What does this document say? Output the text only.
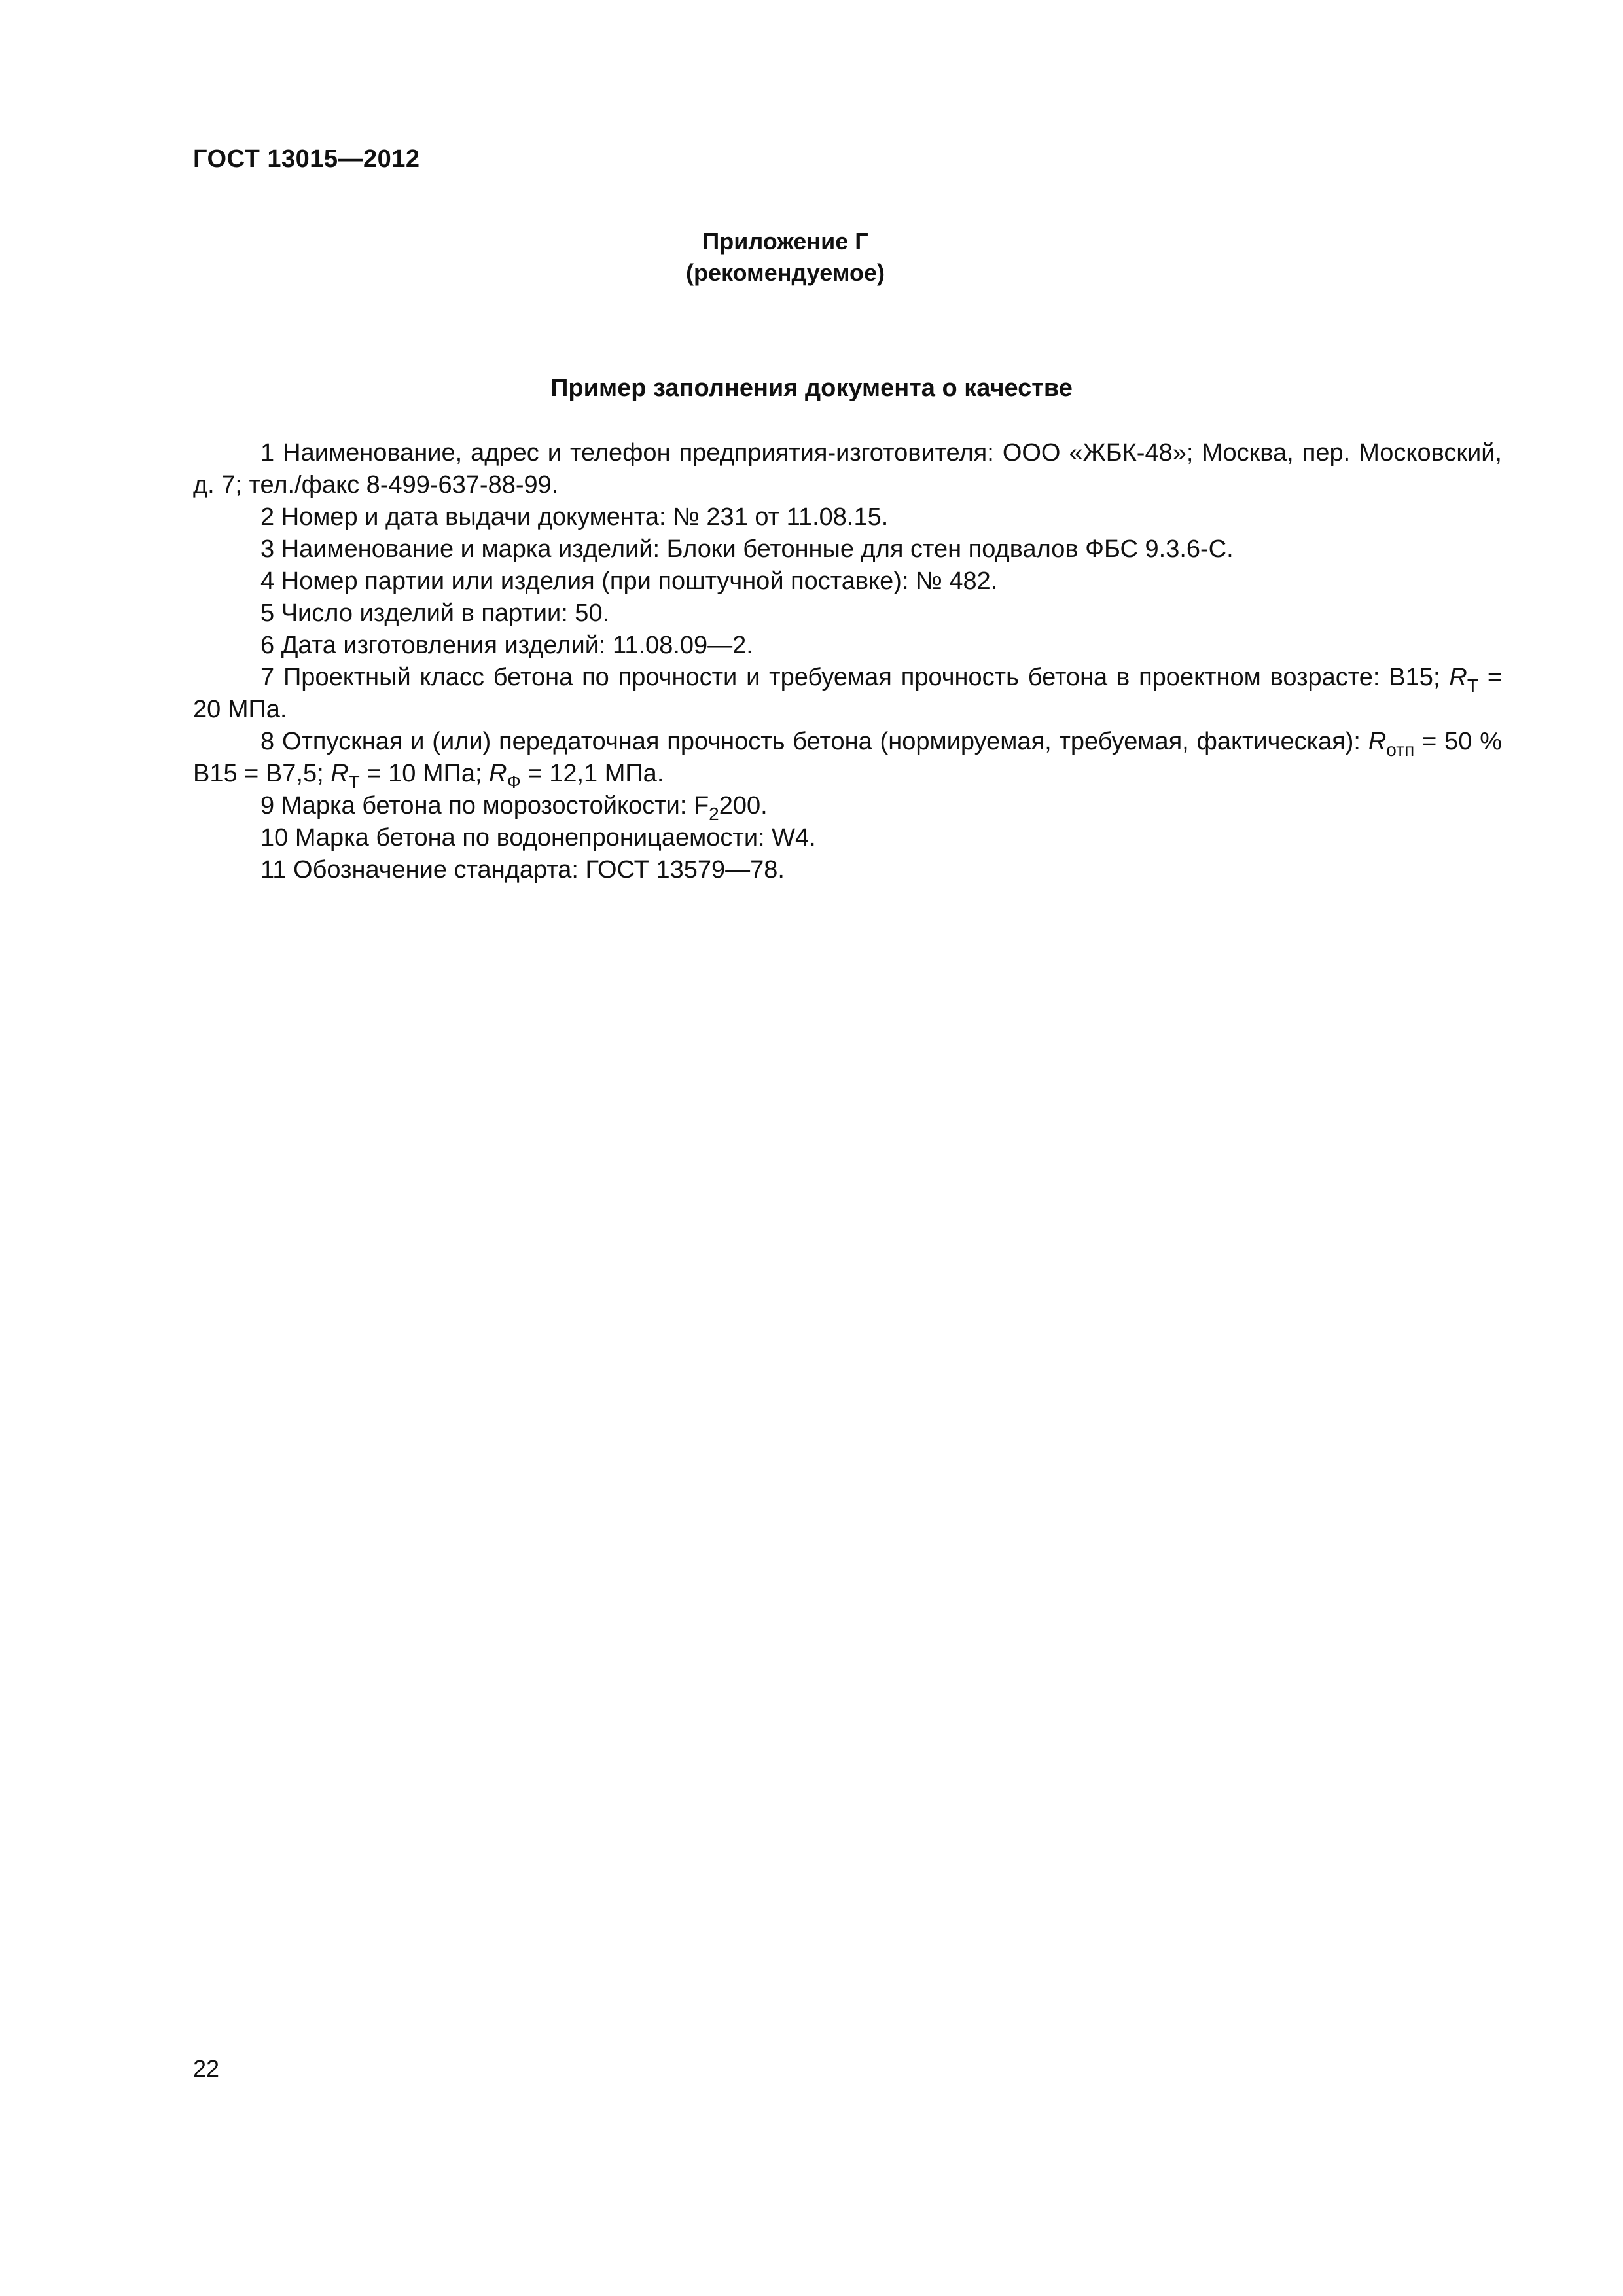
ГОСТ 13015—2012
Приложение Г
(рекомендуемое)
Пример заполнения документа о качестве

1 Наименование, адрес и телефон предприятия-изготовителя: ООО «ЖБК-48»; Москва, пер. Московский, д. 7; тел./факс 8-499-637-88-99.

2 Номер и дата выдачи документа: № 231 от 11.08.15.

3 Наименование и марка изделий: Блоки бетонные для стен подвалов ФБС 9.3.6-С.

4 Номер партии или изделия (при поштучной поставке): № 482.

5 Число изделий в партии: 50.

6 Дата изготовления изделий: 11.08.09—2.

7 Проектный класс бетона по прочности и требуемая прочность бетона в проектном возрасте: В15; $R_Т = 20$ МПа.

8 Отпускная и (или) передаточная прочность бетона (нормируемая, требуемая, фактическая): $R_{отп} = 50$ % В15 = В7,5; $R_Т = 10$ МПа; $R_Ф = 12,1$ МПа.

9 Марка бетона по морозостойкости: $F_2200$.

10 Марка бетона по водонепроницаемости: W4.

11 Обозначение стандарта: ГОСТ 13579—78.

22
